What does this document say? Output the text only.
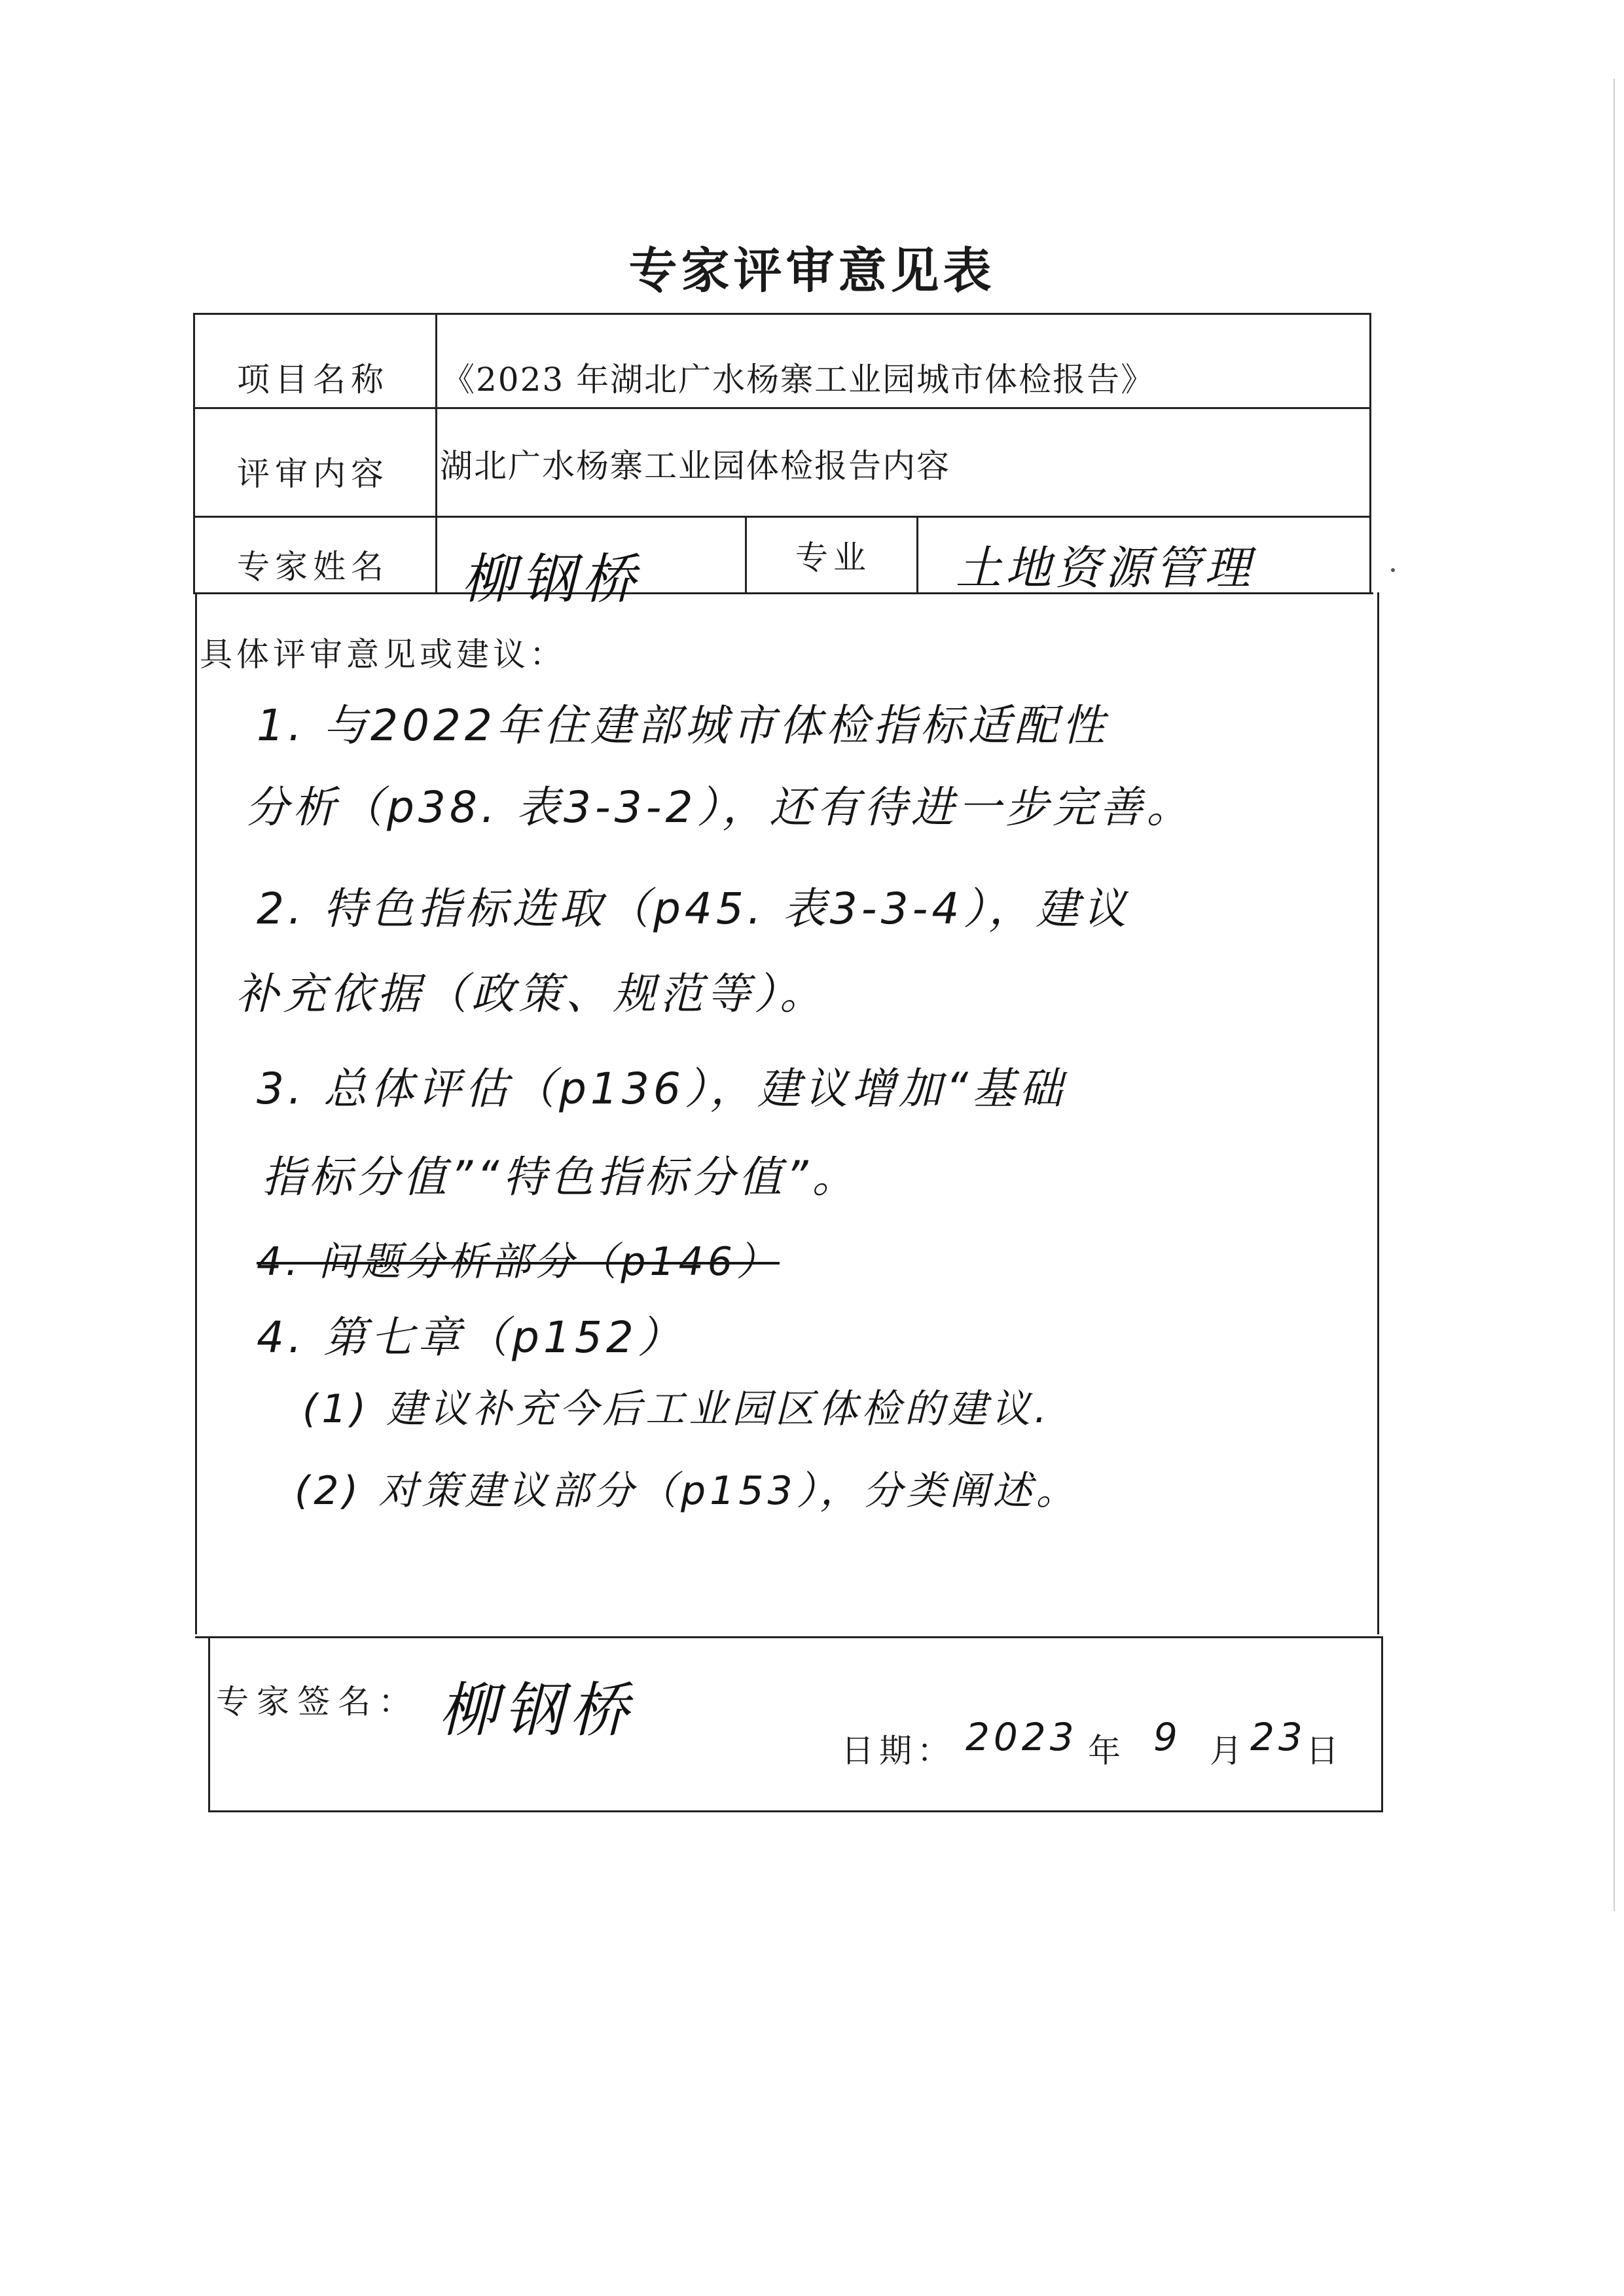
专家评审意见表
项目名称 《2023 年湖北广水杨寨工业园城市体检报告》
评审内容 湖北广水杨寨工业园体检报告内容
专家姓名 柳钢桥	专业 土地资源管理
具体评审意见或建议：
1. 与2022年住建部城市体检指标适配性
分析（p38. 表3-3-2），还有待进一步完善。
2. 特色指标选取（p45. 表3-3-4），建议
补充依据（政策、规范等）。
3. 总体评估（p136），建议增加“基础
指标分值”“特色指标分值”。
4. 问题分析部分（p146）
4. 第七章（p152）
(1) 建议补充今后工业园区体检的建议.
(2) 对策建议部分（p153），分类阐述。
专家签名： 柳钢桥
日期： 2023 年 9 月 23 日
